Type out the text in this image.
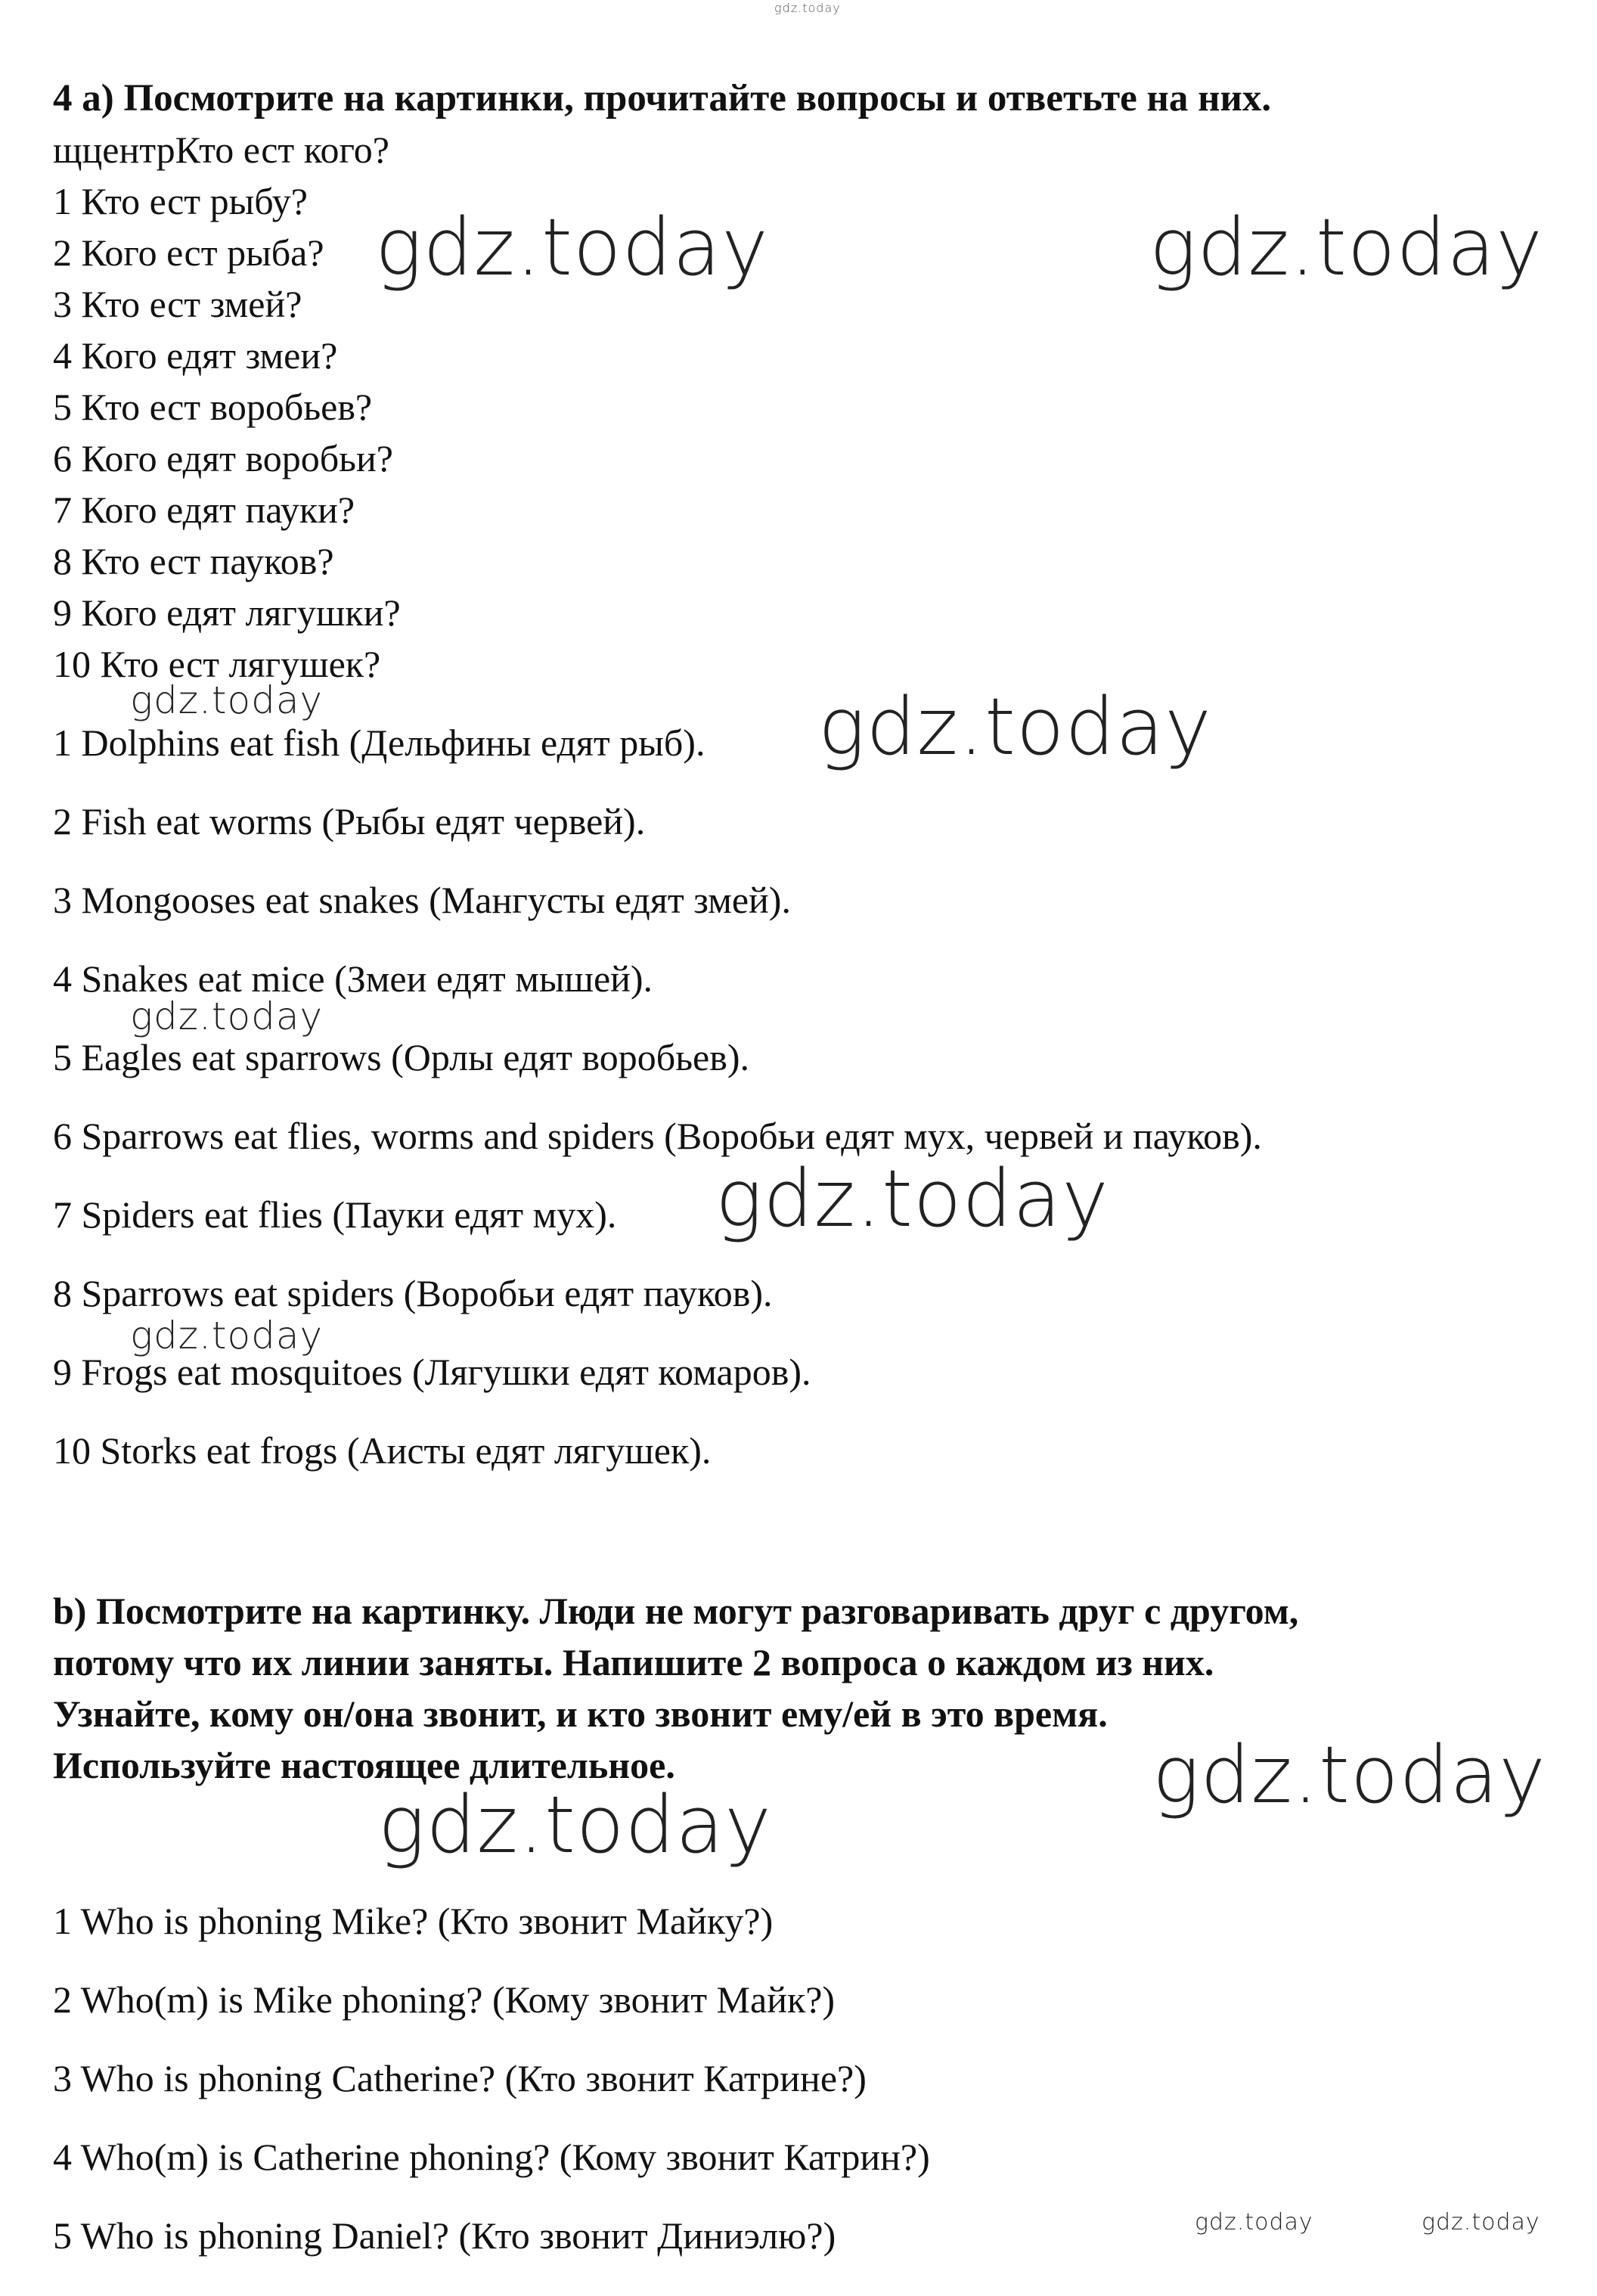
gdz.today
4 a) Посмотрите на картинки, прочитайте вопросы и ответьте на них.
щцентрКто ест кого?
1 Кто ест рыбу?
2 Кого ест рыба?
3 Кто ест змей?
4 Кого едят змеи?
5 Кто ест воробьев?
6 Кого едят воробьи?
7 Кого едят пауки?
8 Кто ест пауков?
9 Кого едят лягушки?
10 Кто ест лягушек?
1 Dolphins eat fish (Дельфины едят рыб).
2 Fish eat worms (Рыбы едят червей).
3 Mongooses eat snakes (Мангусты едят змей).
4 Snakes eat mice (Змеи едят мышей).
5 Eagles eat sparrows (Орлы едят воробьев).
6 Sparrows eat flies, worms and spiders (Воробьи едят мух, червей и пауков).
7 Spiders eat flies (Пауки едят мух).
8 Sparrows eat spiders (Воробьи едят пауков).
9 Frogs eat mosquitoes (Лягушки едят комаров).
10 Storks eat frogs (Аисты едят лягушек).
b) Посмотрите на картинку. Люди не могут разговаривать друг с другом,
потому что их линии заняты. Напишите 2 вопроса о каждом из них.
Узнайте, кому он/она звонит, и кто звонит ему/ей в это время.
Используйте настоящее длительное.
1 Who is phoning Mike? (Кто звонит Майку?)
2 Who(m) is Mike phoning? (Кому звонит Майк?)
3 Who is phoning Catherine? (Кто звонит Катрине?)
4 Who(m) is Catherine phoning? (Кому звонит Катрин?)
5 Who is phoning Daniel? (Кто звонит Диниэлю?)
gdz.today	gdz.today
gdz.today	gdz.today
gdz.today
gdz.today
gdz.today
gdz.today
gdz.today
gdz.today	gdz.today
